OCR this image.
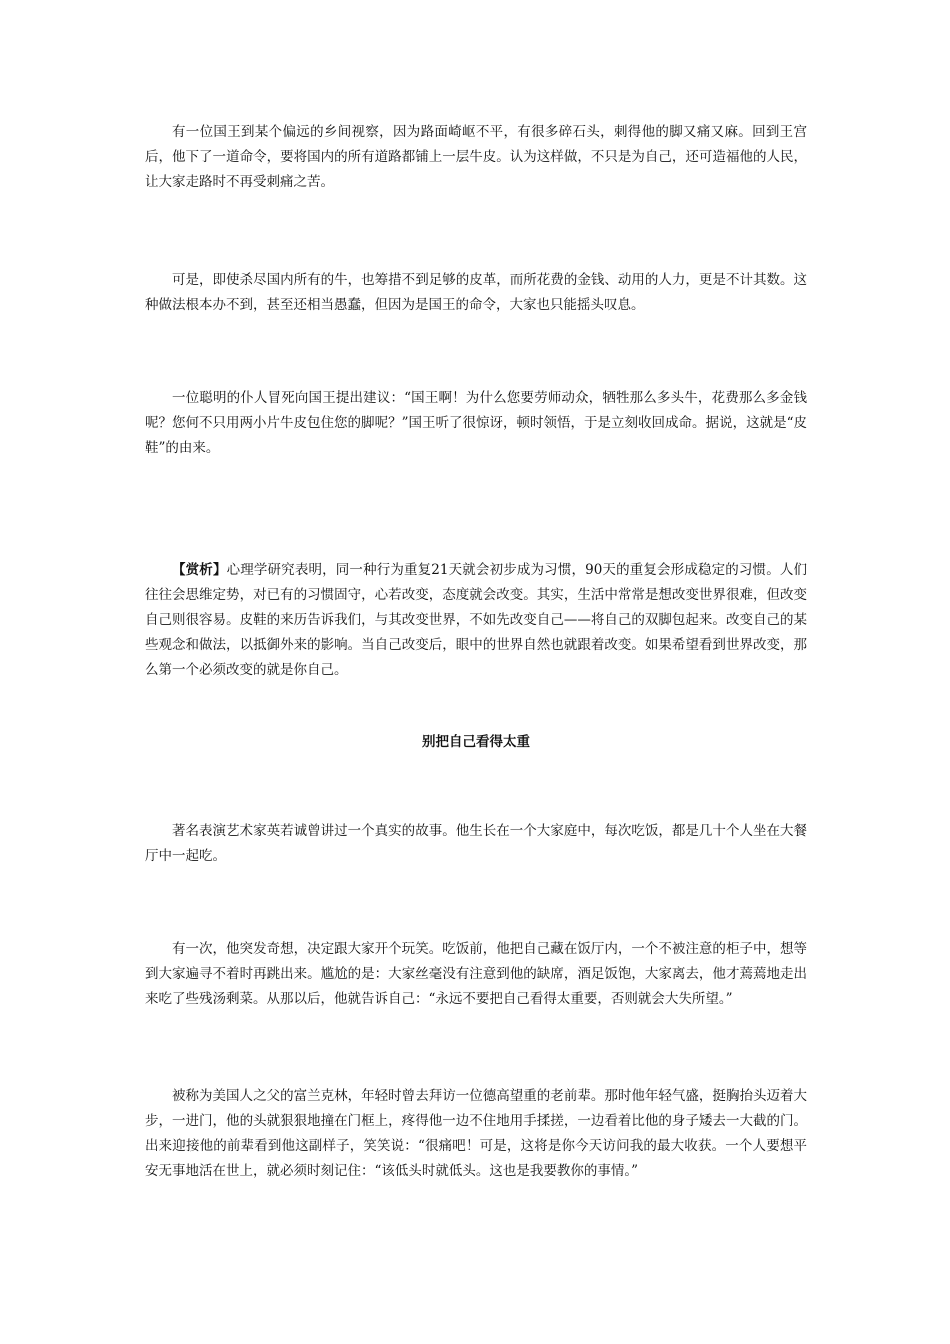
有一位国王到某个偏远的乡间视察，因为路面崎岖不平，有很多碎石头，刺得他的脚又痛又麻。回到王宫后，他下了一道命令，要将国内的所有道路都铺上一层牛皮。认为这样做，不只是为自己，还可造福他的人民，让大家走路时不再受刺痛之苦。

可是，即使杀尽国内所有的牛，也筹措不到足够的皮革，而所花费的金钱、动用的人力，更是不计其数。这种做法根本办不到，甚至还相当愚蠢，但因为是国王的命令，大家也只能摇头叹息。

一位聪明的仆人冒死向国王提出建议：“国王啊！为什么您要劳师动众，牺牲那么多头牛，花费那么多金钱呢？您何不只用两小片牛皮包住您的脚呢？”国王听了很惊讶，顿时领悟，于是立刻收回成命。据说，这就是“皮鞋”的由来。

【赏析】心理学研究表明，同一种行为重复21天就会初步成为习惯，90天的重复会形成稳定的习惯。人们往往会思维定势，对已有的习惯固守，心若改变，态度就会改变。其实，生活中常常是想改变世界很难，但改变自己则很容易。皮鞋的来历告诉我们，与其改变世界，不如先改变自己——将自己的双脚包起来。改变自己的某些观念和做法，以抵御外来的影响。当自己改变后，眼中的世界自然也就跟着改变。如果希望看到世界改变，那么第一个必须改变的就是你自己。

别把自己看得太重

著名表演艺术家英若诚曾讲过一个真实的故事。他生长在一个大家庭中，每次吃饭，都是几十个人坐在大餐厅中一起吃。

有一次，他突发奇想，决定跟大家开个玩笑。吃饭前，他把自己藏在饭厅内，一个不被注意的柜子中，想等到大家遍寻不着时再跳出来。尴尬的是：大家丝毫没有注意到他的缺席，酒足饭饱，大家离去，他才蔫蔫地走出来吃了些残汤剩菜。从那以后，他就告诉自己：“永远不要把自己看得太重要，否则就会大失所望。”

被称为美国人之父的富兰克林，年轻时曾去拜访一位德高望重的老前辈。那时他年轻气盛，挺胸抬头迈着大步，一进门，他的头就狠狠地撞在门框上，疼得他一边不住地用手揉搓，一边看着比他的身子矮去一大截的门。出来迎接他的前辈看到他这副样子，笑笑说：“很痛吧！可是，这将是你今天访问我的最大收获。一个人要想平安无事地活在世上，就必须时刻记住：“该低头时就低头。这也是我要教你的事情。”
